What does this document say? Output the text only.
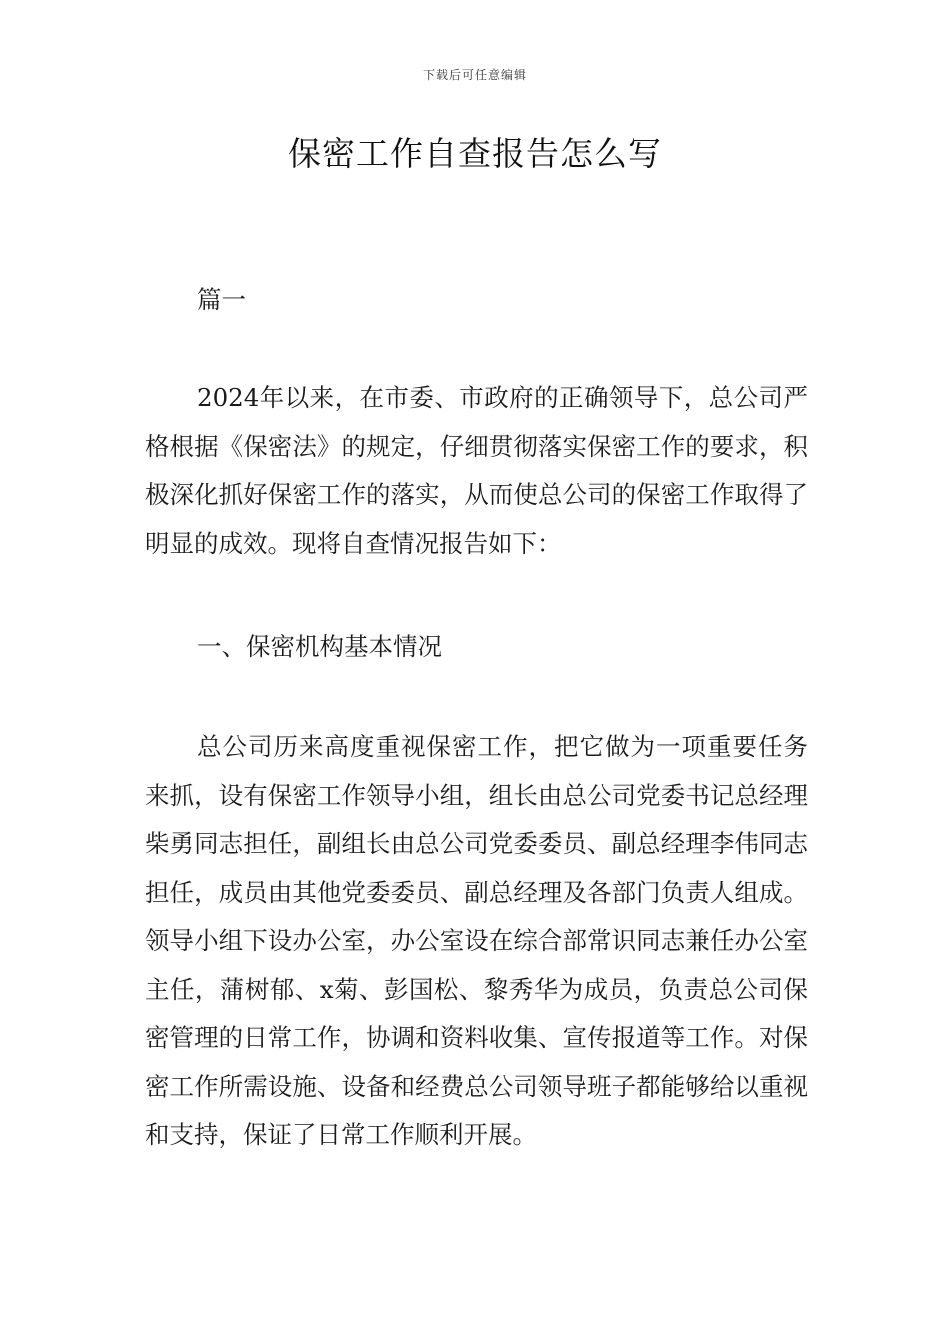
下载后可任意编辑
保密工作自查报告怎么写

篇一

2024年以来，在市委、市政府的正确领导下，总公司严格根据《保密法》的规定，仔细贯彻落实保密工作的要求，积极深化抓好保密工作的落实，从而使总公司的保密工作取得了明显的成效。现将自查情况报告如下：

一、保密机构基本情况

总公司历来高度重视保密工作，把它做为一项重要任务来抓，设有保密工作领导小组，组长由总公司党委书记总经理柴勇同志担任，副组长由总公司党委委员、副总经理李伟同志担任，成员由其他党委委员、副总经理及各部门负责人组成。领导小组下设办公室，办公室设在综合部常识同志兼任办公室主任，蒲树郁、x菊、彭国松、黎秀华为成员，负责总公司保密管理的日常工作，协调和资料收集、宣传报道等工作。对保密工作所需设施、设备和经费总公司领导班子都能够给以重视和支持，保证了日常工作顺利开展。
